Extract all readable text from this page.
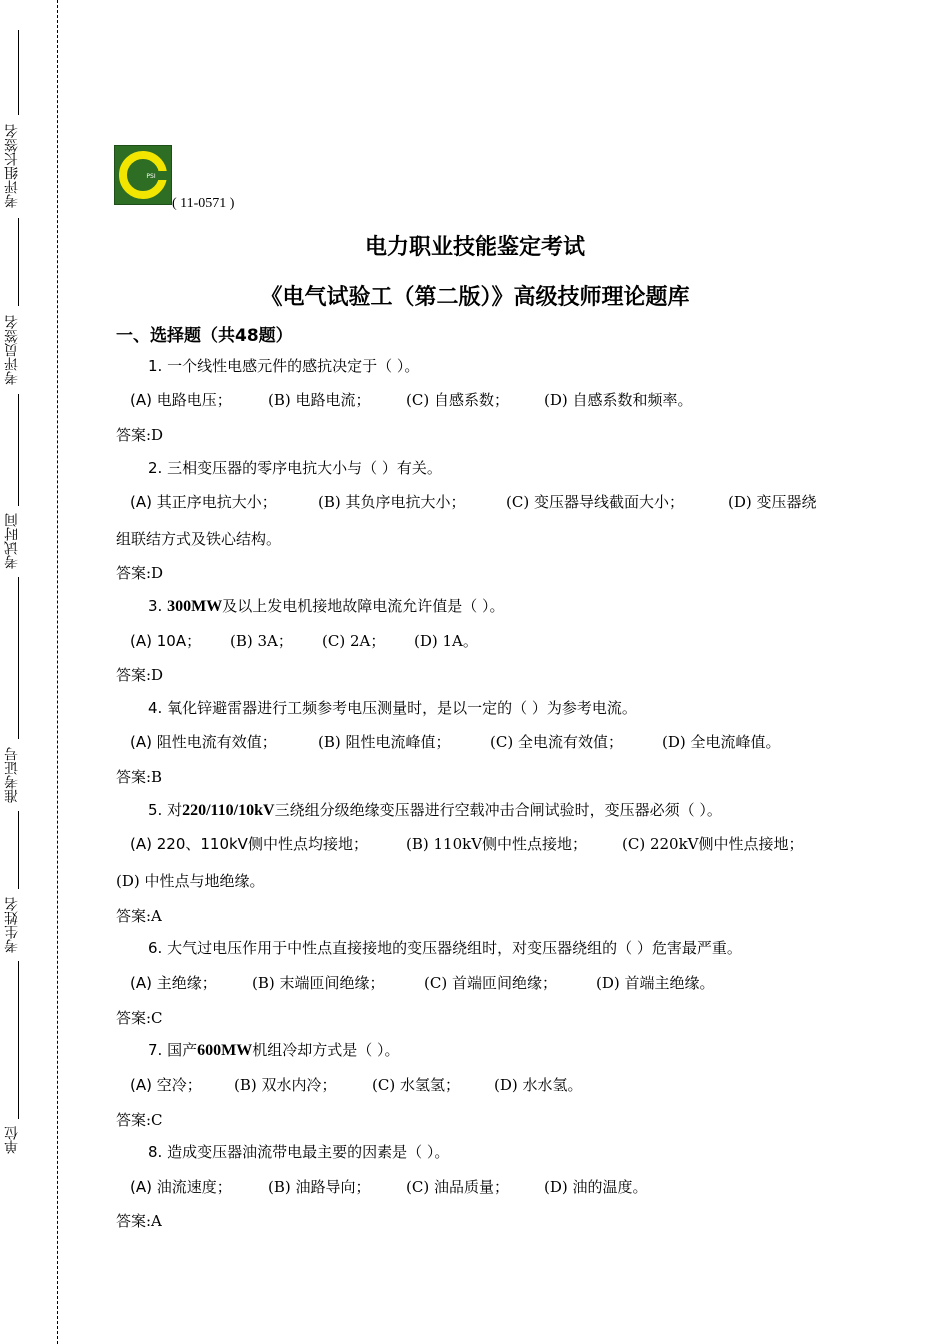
考评组长签名
考评员签名
考试时间
准考证号
考生姓名
单位
PSI
( 11-0571 )
电力职业技能鉴定考试
《电气试验工（第二版）》高级技师理论题库
一、选择题（共48题）
1. 一个线性电感元件的感抗决定于（ ）。
(A) 电路电压； (B) 电路电流； (C) 自感系数； (D) 自感系数和频率。
答案:D
2. 三相变压器的零序电抗大小与（ ）有关。
(A) 其正序电抗大小；	(B) 其负序电抗大小；	(C) 变压器导线截面大小；	(D) 变压器绕
组联结方式及铁心结构。
答案:D
3. 300MW及以上发电机接地故障电流允许值是（ ）。
(A) 10A； (B) 3A； (C) 2A； (D) 1A。
答案:D
4. 氧化锌避雷器进行工频参考电压测量时，是以一定的（ ）为参考电流。
(A) 阻性电流有效值；	(B) 阻性电流峰值；	(C) 全电流有效值；	(D) 全电流峰值。
答案:B
5. 对220/110/10kV三绕组分级绝缘变压器进行空载冲击合闸试验时，变压器必须（ ）。
(A) 220、110kV侧中性点均接地；	(B) 110kV侧中性点接地； (C) 220kV侧中性点接地；
(D) 中性点与地绝缘。
答案:A
6. 大气过电压作用于中性点直接接地的变压器绕组时，对变压器绕组的（ ）危害最严重。
(A) 主绝缘； (B) 末端匝间绝缘；	(C) 首端匝间绝缘；	(D) 首端主绝缘。
答案:C
7. 国产600MW机组冷却方式是（ ）。
(A) 空冷； (B) 双水内冷； (C) 水氢氢； (D) 水水氢。
答案:C
8. 造成变压器油流带电最主要的因素是（ ）。
(A) 油流速度； (B) 油路导向； (C) 油品质量； (D) 油的温度。
答案:A
